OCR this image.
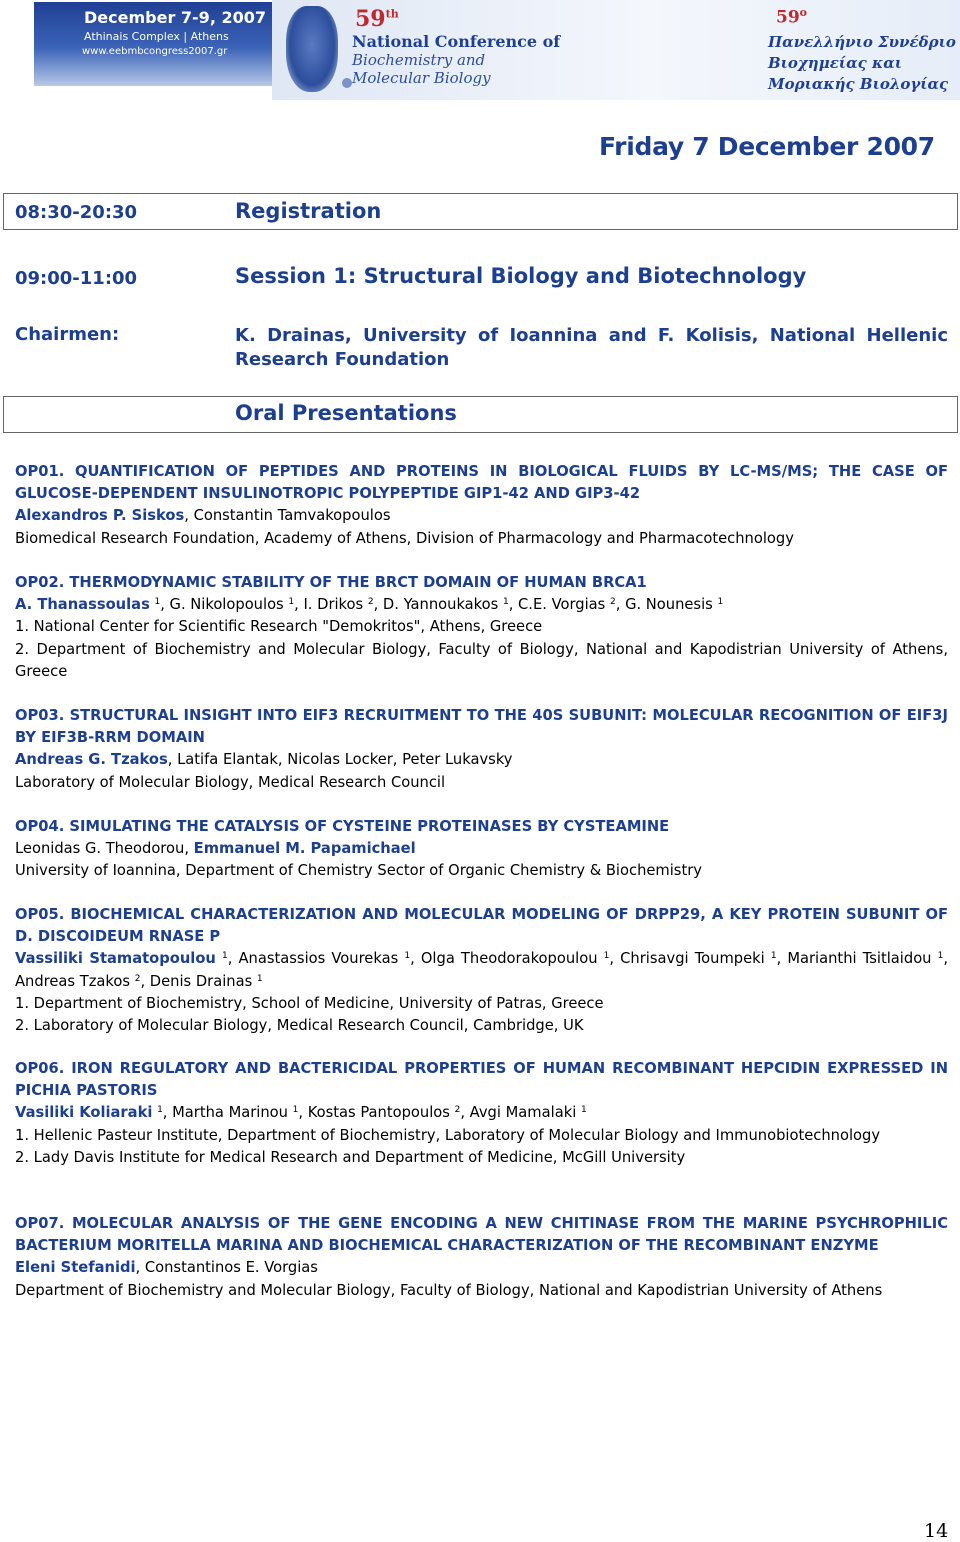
December 7-9, 2007
Athinais Complex | Athens
www.eebmbcongress2007.gr
59th
National Conference of
Biochemistry and
Molecular Biology
$59^o$
Πανελλήνιο Συνέδριο
Βιοχημείας και
Μοριακής Βιολογίας
Friday 7 December 2007
08:30-20:30	Registration
09:00-11:00	Session 1: Structural Biology and Biotechnology
Chairmen:	K. Drainas, University of Ioannina and F. Kolisis, National Hellenic Research Foundation
Oral Presentations

OP01. QUANTIFICATION OF PEPTIDES AND PROTEINS IN BIOLOGICAL FLUIDS BY LC-MS/MS; THE CASE OF GLUCOSE-DEPENDENT INSULINOTROPIC POLYPEPTIDE GIP1-42 AND GIP3-42

Alexandros P. Siskos, Constantin Tamvakopoulos

Biomedical Research Foundation, Academy of Athens, Division of Pharmacology and Pharmacotechnology

OP02. THERMODYNAMIC STABILITY OF THE BRCT DOMAIN OF HUMAN BRCA1

A. Thanassoulas $^1$, G. Nikolopoulos $^1$, I. Drikos $^2$, D. Yannoukakos $^1$, C.E. Vorgias $^2$, G. Nounesis $^1$

1. National Center for Scientific Research "Demokritos", Athens, Greece

2. Department of Biochemistry and Molecular Biology, Faculty of Biology, National and Kapodistrian University of Athens, Greece

OP03. STRUCTURAL INSIGHT INTO EIF3 RECRUITMENT TO THE 40S SUBUNIT: MOLECULAR RECOGNITION OF EIF3J BY EIF3B-RRM DOMAIN

Andreas G. Tzakos, Latifa Elantak, Nicolas Locker, Peter Lukavsky

Laboratory of Molecular Biology, Medical Research Council

OP04. SIMULATING THE CATALYSIS OF CYSTEINE PROTEINASES BY CYSTEAMINE

Leonidas G. Theodorou, Emmanuel M. Papamichael

University of Ioannina, Department of Chemistry Sector of Organic Chemistry & Biochemistry

OP05. BIOCHEMICAL CHARACTERIZATION AND MOLECULAR MODELING OF DRPP29, A KEY PROTEIN SUBUNIT OF D. DISCOIDEUM RNASE P

Vassiliki Stamatopoulou $^1$, Anastassios Vourekas $^1$, Olga Theodorakopoulou $^1$, Chrisavgi Toumpeki $^1$, Marianthi Tsitlaidou $^1$, Andreas Tzakos $^2$, Denis Drainas $^1$

1. Department of Biochemistry, School of Medicine, University of Patras, Greece

2. Laboratory of Molecular Biology, Medical Research Council, Cambridge, UK

OP06. IRON REGULATORY AND BACTERICIDAL PROPERTIES OF HUMAN RECOMBINANT HEPCIDIN EXPRESSED IN PICHIA PASTORIS

Vasiliki Koliaraki $^1$, Martha Marinou $^1$, Kostas Pantopoulos $^2$, Avgi Mamalaki $^1$

1. Hellenic Pasteur Institute, Department of Biochemistry, Laboratory of Molecular Biology and Immunobiotechnology

2. Lady Davis Institute for Medical Research and Department of Medicine, McGill University

OP07. MOLECULAR ANALYSIS OF THE GENE ENCODING A NEW CHITINASE FROM THE MARINE PSYCHROPHILIC BACTERIUM MORITELLA MARINA AND BIOCHEMICAL CHARACTERIZATION OF THE RECOMBINANT ENZYME

Eleni Stefanidi, Constantinos E. Vorgias

Department of Biochemistry and Molecular Biology, Faculty of Biology, National and Kapodistrian University of Athens

14
